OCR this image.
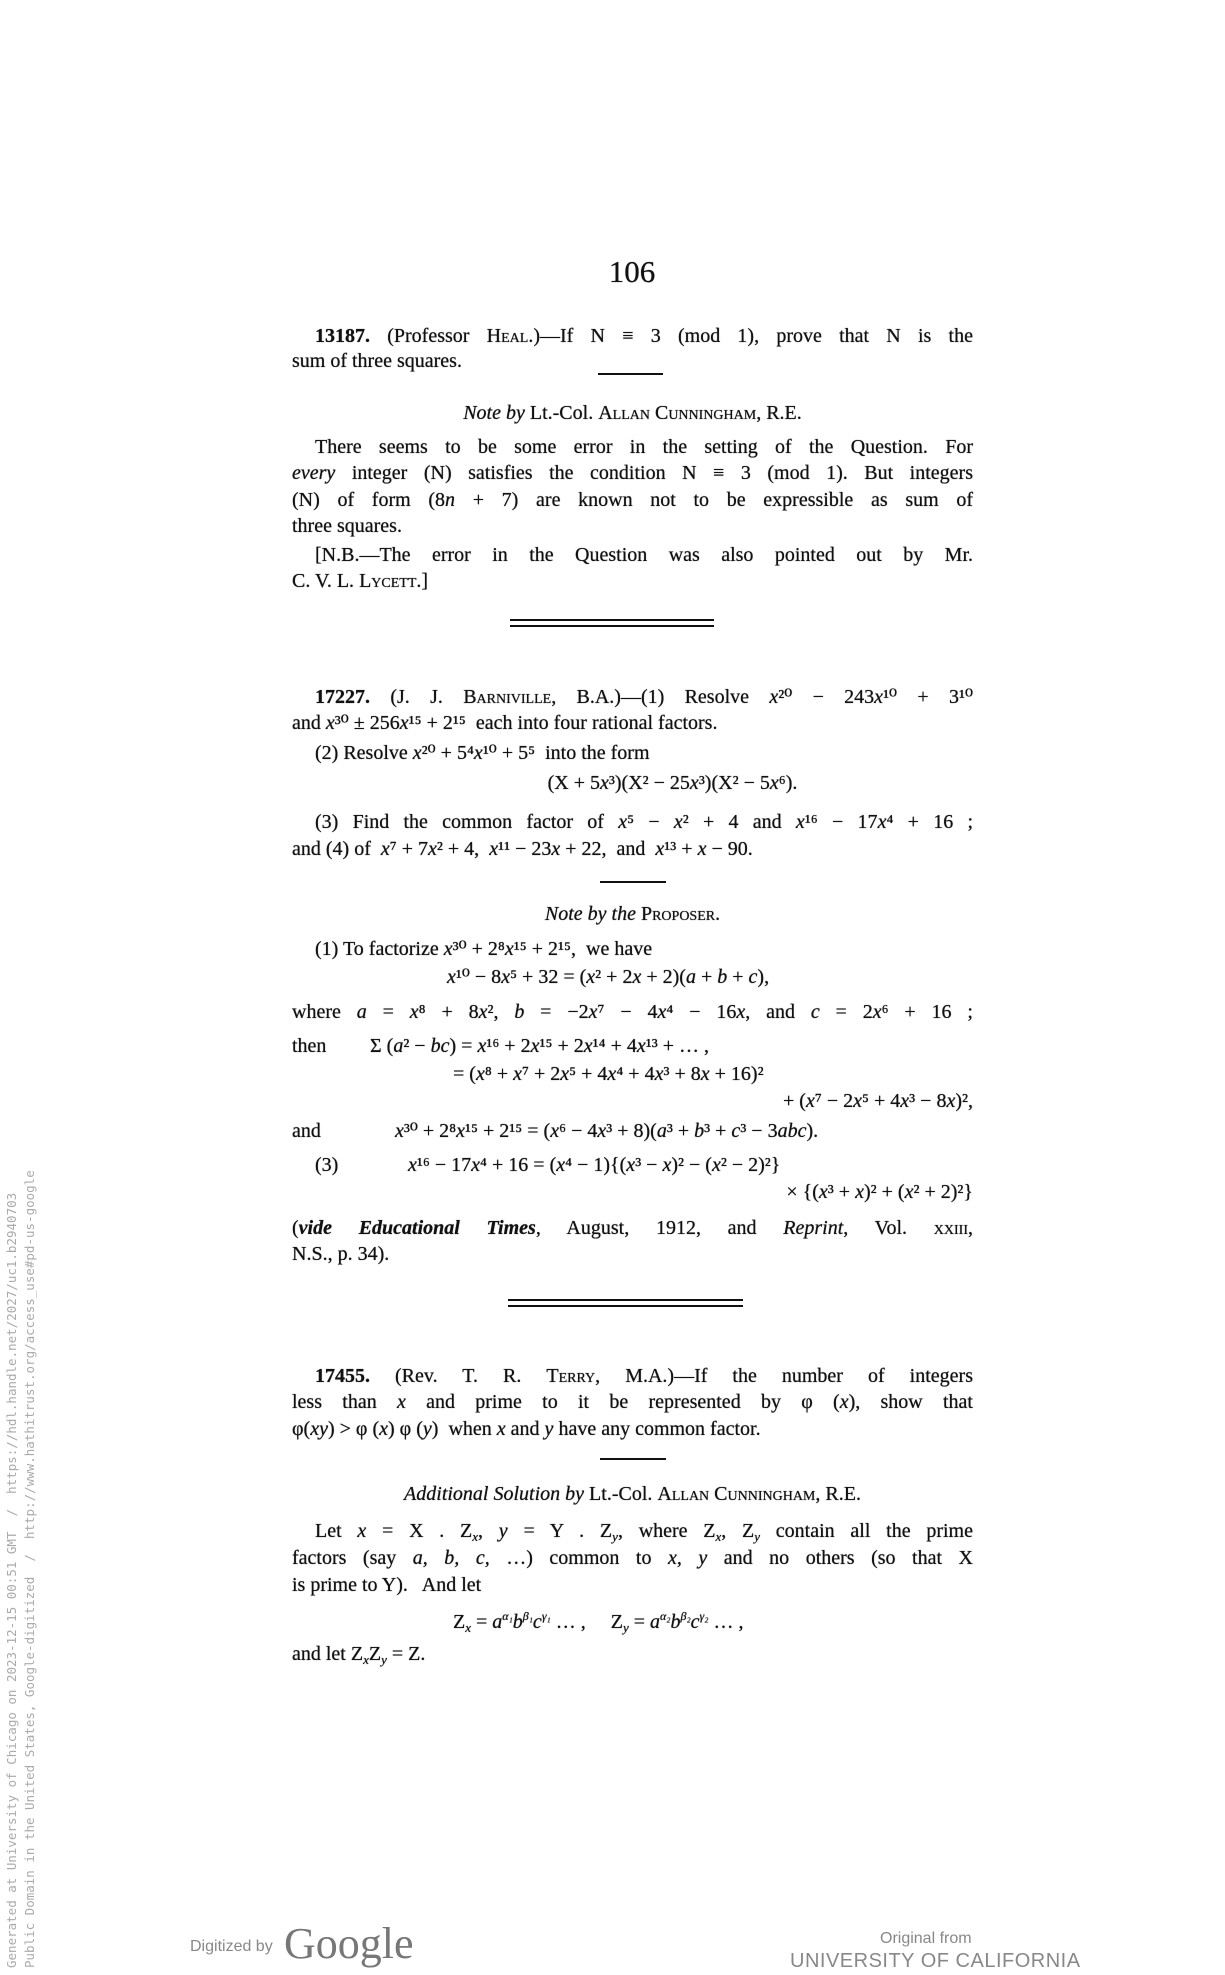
106
13187. (Professor Heal.)—If N ≡ 3 (mod 1), prove that N is the
sum of three squares.
Note by Lt.-Col. Allan Cunningham, R.E.
There seems to be some error in the setting of the Question. For
every integer (N) satisfies the condition N ≡ 3 (mod 1). But integers
(N) of form (8n + 7) are known not to be expressible as sum of
three squares.
[N.B.—The error in the Question was also pointed out by Mr.
C. V. L. Lycett.]
17227. (J. J. Barniville, B.A.)—(1) Resolve x²⁰ − 243x¹⁰ + 3¹⁰
and x³⁰ ± 256x¹⁵ + 2¹⁵  each into four rational factors.
(2) Resolve x²⁰ + 5⁴x¹⁰ + 5⁵  into the form
(X + 5x³)(X² − 25x³)(X² − 5x⁶).
(3) Find the common factor of x⁵ − x² + 4 and x¹⁶ − 17x⁴ + 16 ;
and (4) of  x⁷ + 7x² + 4,  x¹¹ − 23x + 22,  and  x¹³ + x − 90.
Note by the Proposer.
(1) To factorize x³⁰ + 2⁸x¹⁵ + 2¹⁵,  we have
x¹⁰ − 8x⁵ + 32 = (x² + 2x + 2)(a + b + c),
where a = x⁸ + 8x², b = −2x⁷ − 4x⁴ − 16x, and c = 2x⁶ + 16 ;
then	Σ (a² − bc) = x¹⁶ + 2x¹⁵ + 2x¹⁴ + 4x¹³ + … ,
= (x⁸ + x⁷ + 2x⁵ + 4x⁴ + 4x³ + 8x + 16)²
+ (x⁷ − 2x⁵ + 4x³ − 8x)²,
and	x³⁰ + 2⁸x¹⁵ + 2¹⁵ = (x⁶ − 4x³ + 8)(a³ + b³ + c³ − 3abc).
(3)	x¹⁶ − 17x⁴ + 16 = (x⁴ − 1){(x³ − x)² − (x² − 2)²}
× {(x³ + x)² + (x² + 2)²}
(vide Educational Times, August, 1912, and Reprint, Vol. xxiii,
N.S., p. 34).
17455. (Rev. T. R. Terry, M.A.)—If the number of integers
less than x and prime to it be represented by φ (x), show that
φ(xy) > φ (x) φ (y)  when x and y have any common factor.
Additional Solution by Lt.-Col. Allan Cunningham, R.E.
Let x = X . $Z_x$, y = Y . $Z_y$, where $Z_x$, $Z_y$ contain all the prime
factors (say a, b, c, …) common to x, y and no others (so that X
is prime to Y).   And let
$Z_x = a^{\alpha_1}b^{\beta_1}c^{\gamma_1}$ … ,     $Z_y = a^{\alpha_2}b^{\beta_2}c^{\gamma_2}$ … ,
and let $Z_xZ_y = Z$.
Generated at University of Chicago on 2023-12-15 00:51 GMT  /  https://hdl.handle.net/2027/uc1.b2940703 Public Domain in the United States, Google-digitized  /  http://www.hathitrust.org/access_use#pd-us-google	Digitized by Google	Original from
UNIVERSITY OF CALIFORNIA
